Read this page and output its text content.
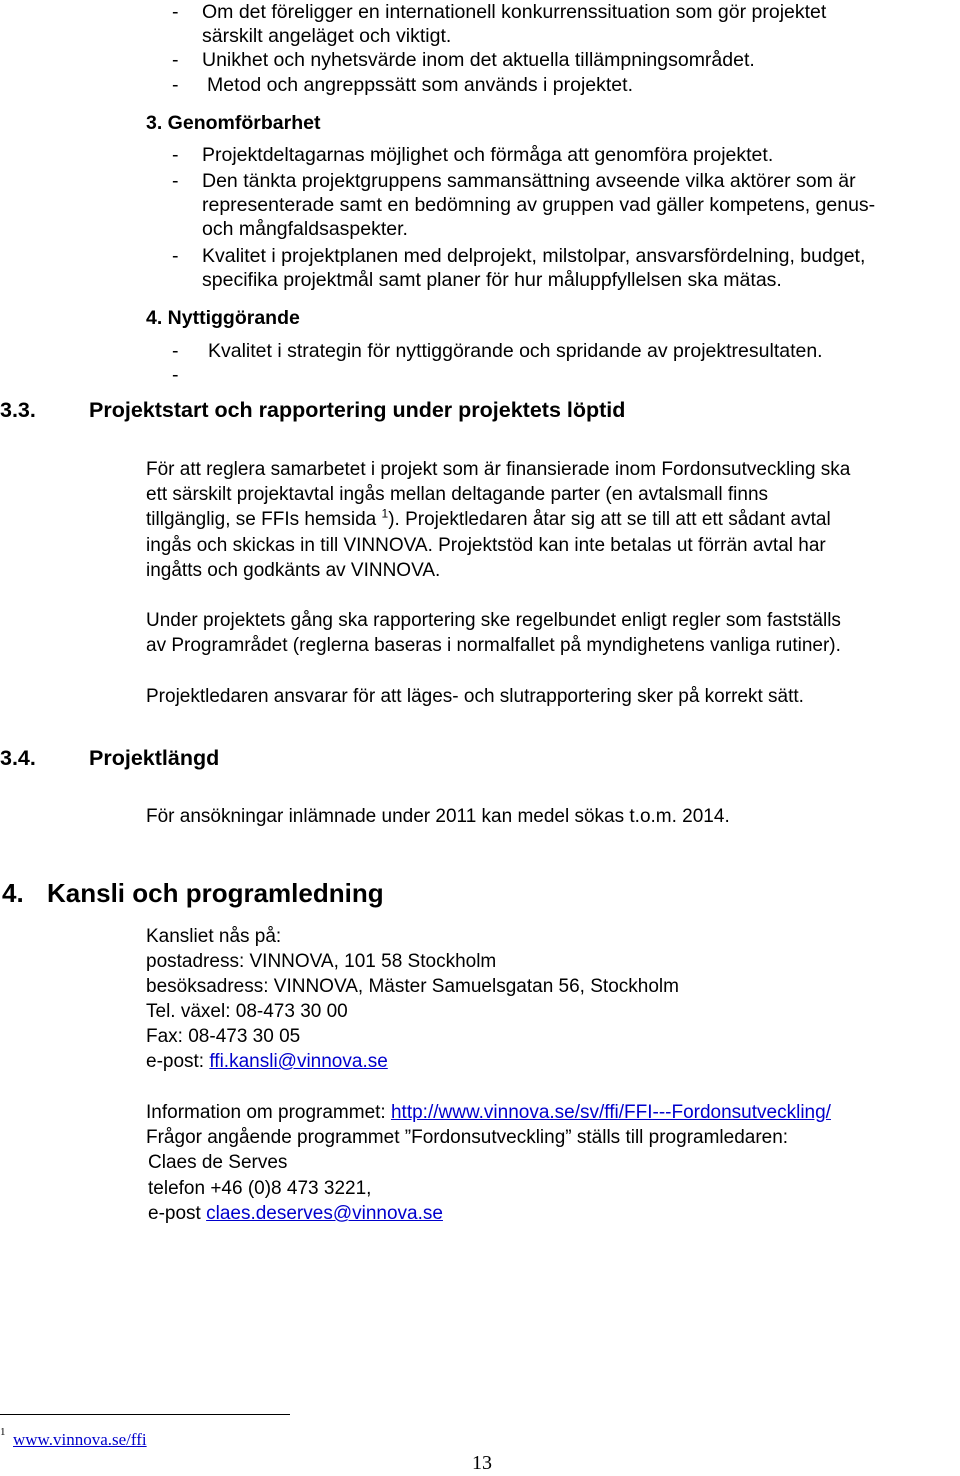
- Om det föreligger en internationell konkurrenssituation som gör projektet
särskilt angeläget och viktigt.
- Unikhet och nyhetsvärde inom det aktuella tillämpningsområdet.
- Metod och angreppssätt som används i projektet.
3. Genomförbarhet
- Projektdeltagarnas möjlighet och förmåga att genomföra projektet.
- Den tänkta projektgruppens sammansättning avseende vilka aktörer som är
representerade samt en bedömning av gruppen vad gäller kompetens, genus-
och mångfaldsaspekter.
- Kvalitet i projektplanen med delprojekt, milstolpar, ansvarsfördelning, budget,
specifika projektmål samt planer för hur måluppfyllelsen ska mätas.
4. Nyttiggörande
- Kvalitet i strategin för nyttiggörande och spridande av projektresultaten.
-
3.3. Projektstart och rapportering under projektets löptid
För att reglera samarbetet i projekt som är finansierade inom Fordonsutveckling ska
ett särskilt projektavtal ingås mellan deltagande parter (en avtalsmall finns
tillgänglig, se FFIs hemsida $^1$). Projektledaren åtar sig att se till att ett sådant avtal
ingås och skickas in till VINNOVA. Projektstöd kan inte betalas ut förrän avtal har
ingåtts och godkänts av VINNOVA.
Under projektets gång ska rapportering ske regelbundet enligt regler som fastställs
av Programrådet (reglerna baseras i normalfallet på myndighetens vanliga rutiner).
Projektledaren ansvarar för att läges- och slutrapportering sker på korrekt sätt.
3.4. Projektlängd
För ansökningar inlämnade under 2011 kan medel sökas t.o.m. 2014.
4. Kansli och programledning
Kansliet nås på:
postadress: VINNOVA, 101 58 Stockholm
besöksadress: VINNOVA, Mäster Samuelsgatan 56, Stockholm
Tel. växel: 08-473 30 00
Fax: 08-473 30 05
e-post: ffi.kansli@vinnova.se
Information om programmet: http://www.vinnova.se/sv/ffi/FFI---Fordonsutveckling/
Frågor angående programmet ”Fordonsutveckling” ställs till programledaren:
Claes de Serves
telefon +46 (0)8 473 3221,
e-post claes.deserves@vinnova.se
1 www.vinnova.se/ffi
13
